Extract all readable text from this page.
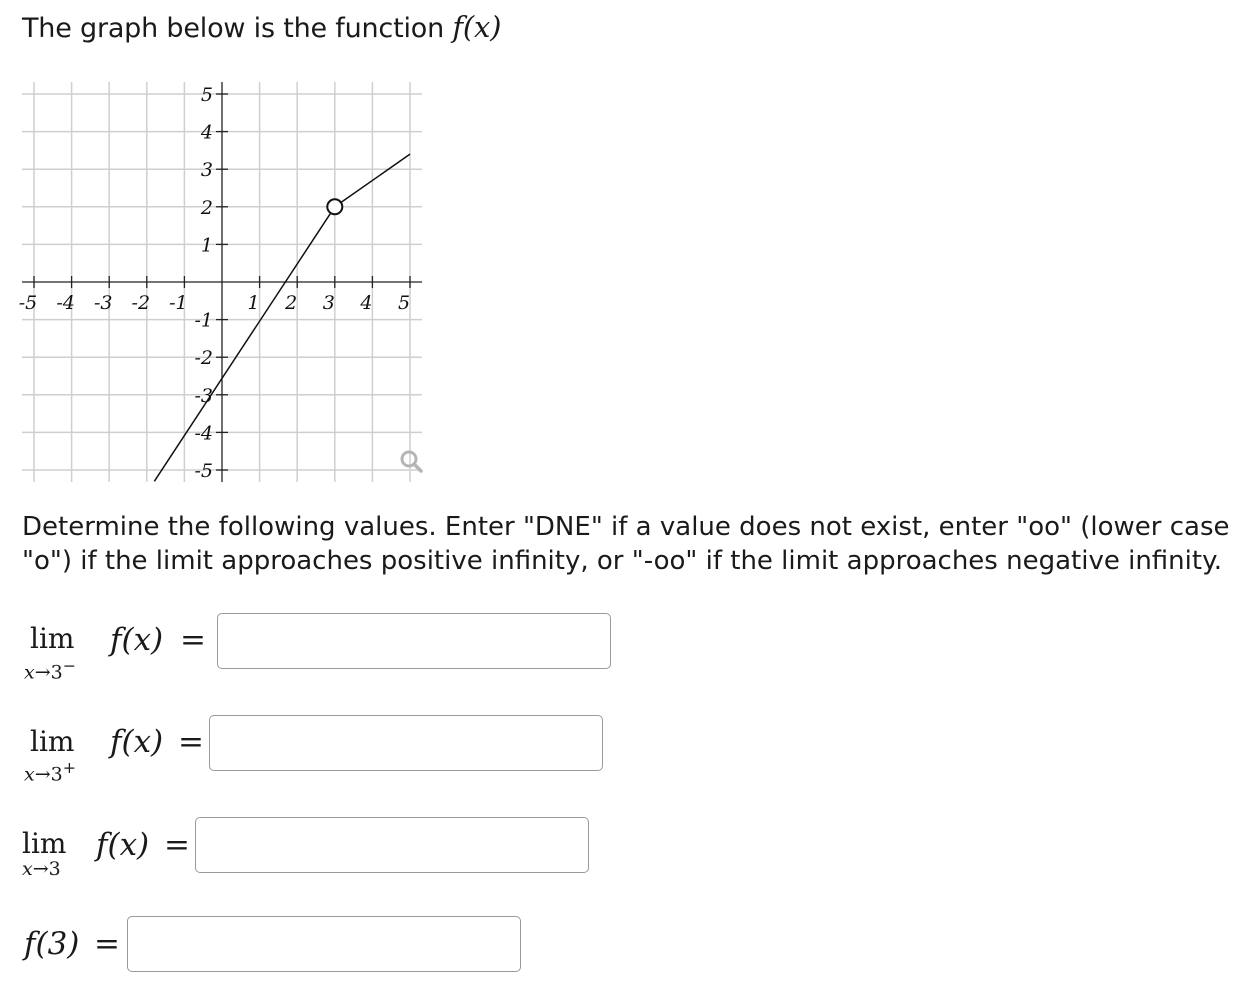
The graph below is the function f(x)
-5 -4 -3 -2 -1	1 2 3 4 5
5
4
3
2
1
-1
-2
-3
-4
-5
Determine the following values. Enter "DNE" if a value does not exist, enter "oo" (lower case "o") if the limit approaches positive infinity, or "-oo" if the limit approaches negative infinity.
lim
x→3−
f(x) =
lim
x→3+
f(x) =
lim
x→3
f(x) =
f(3) =
